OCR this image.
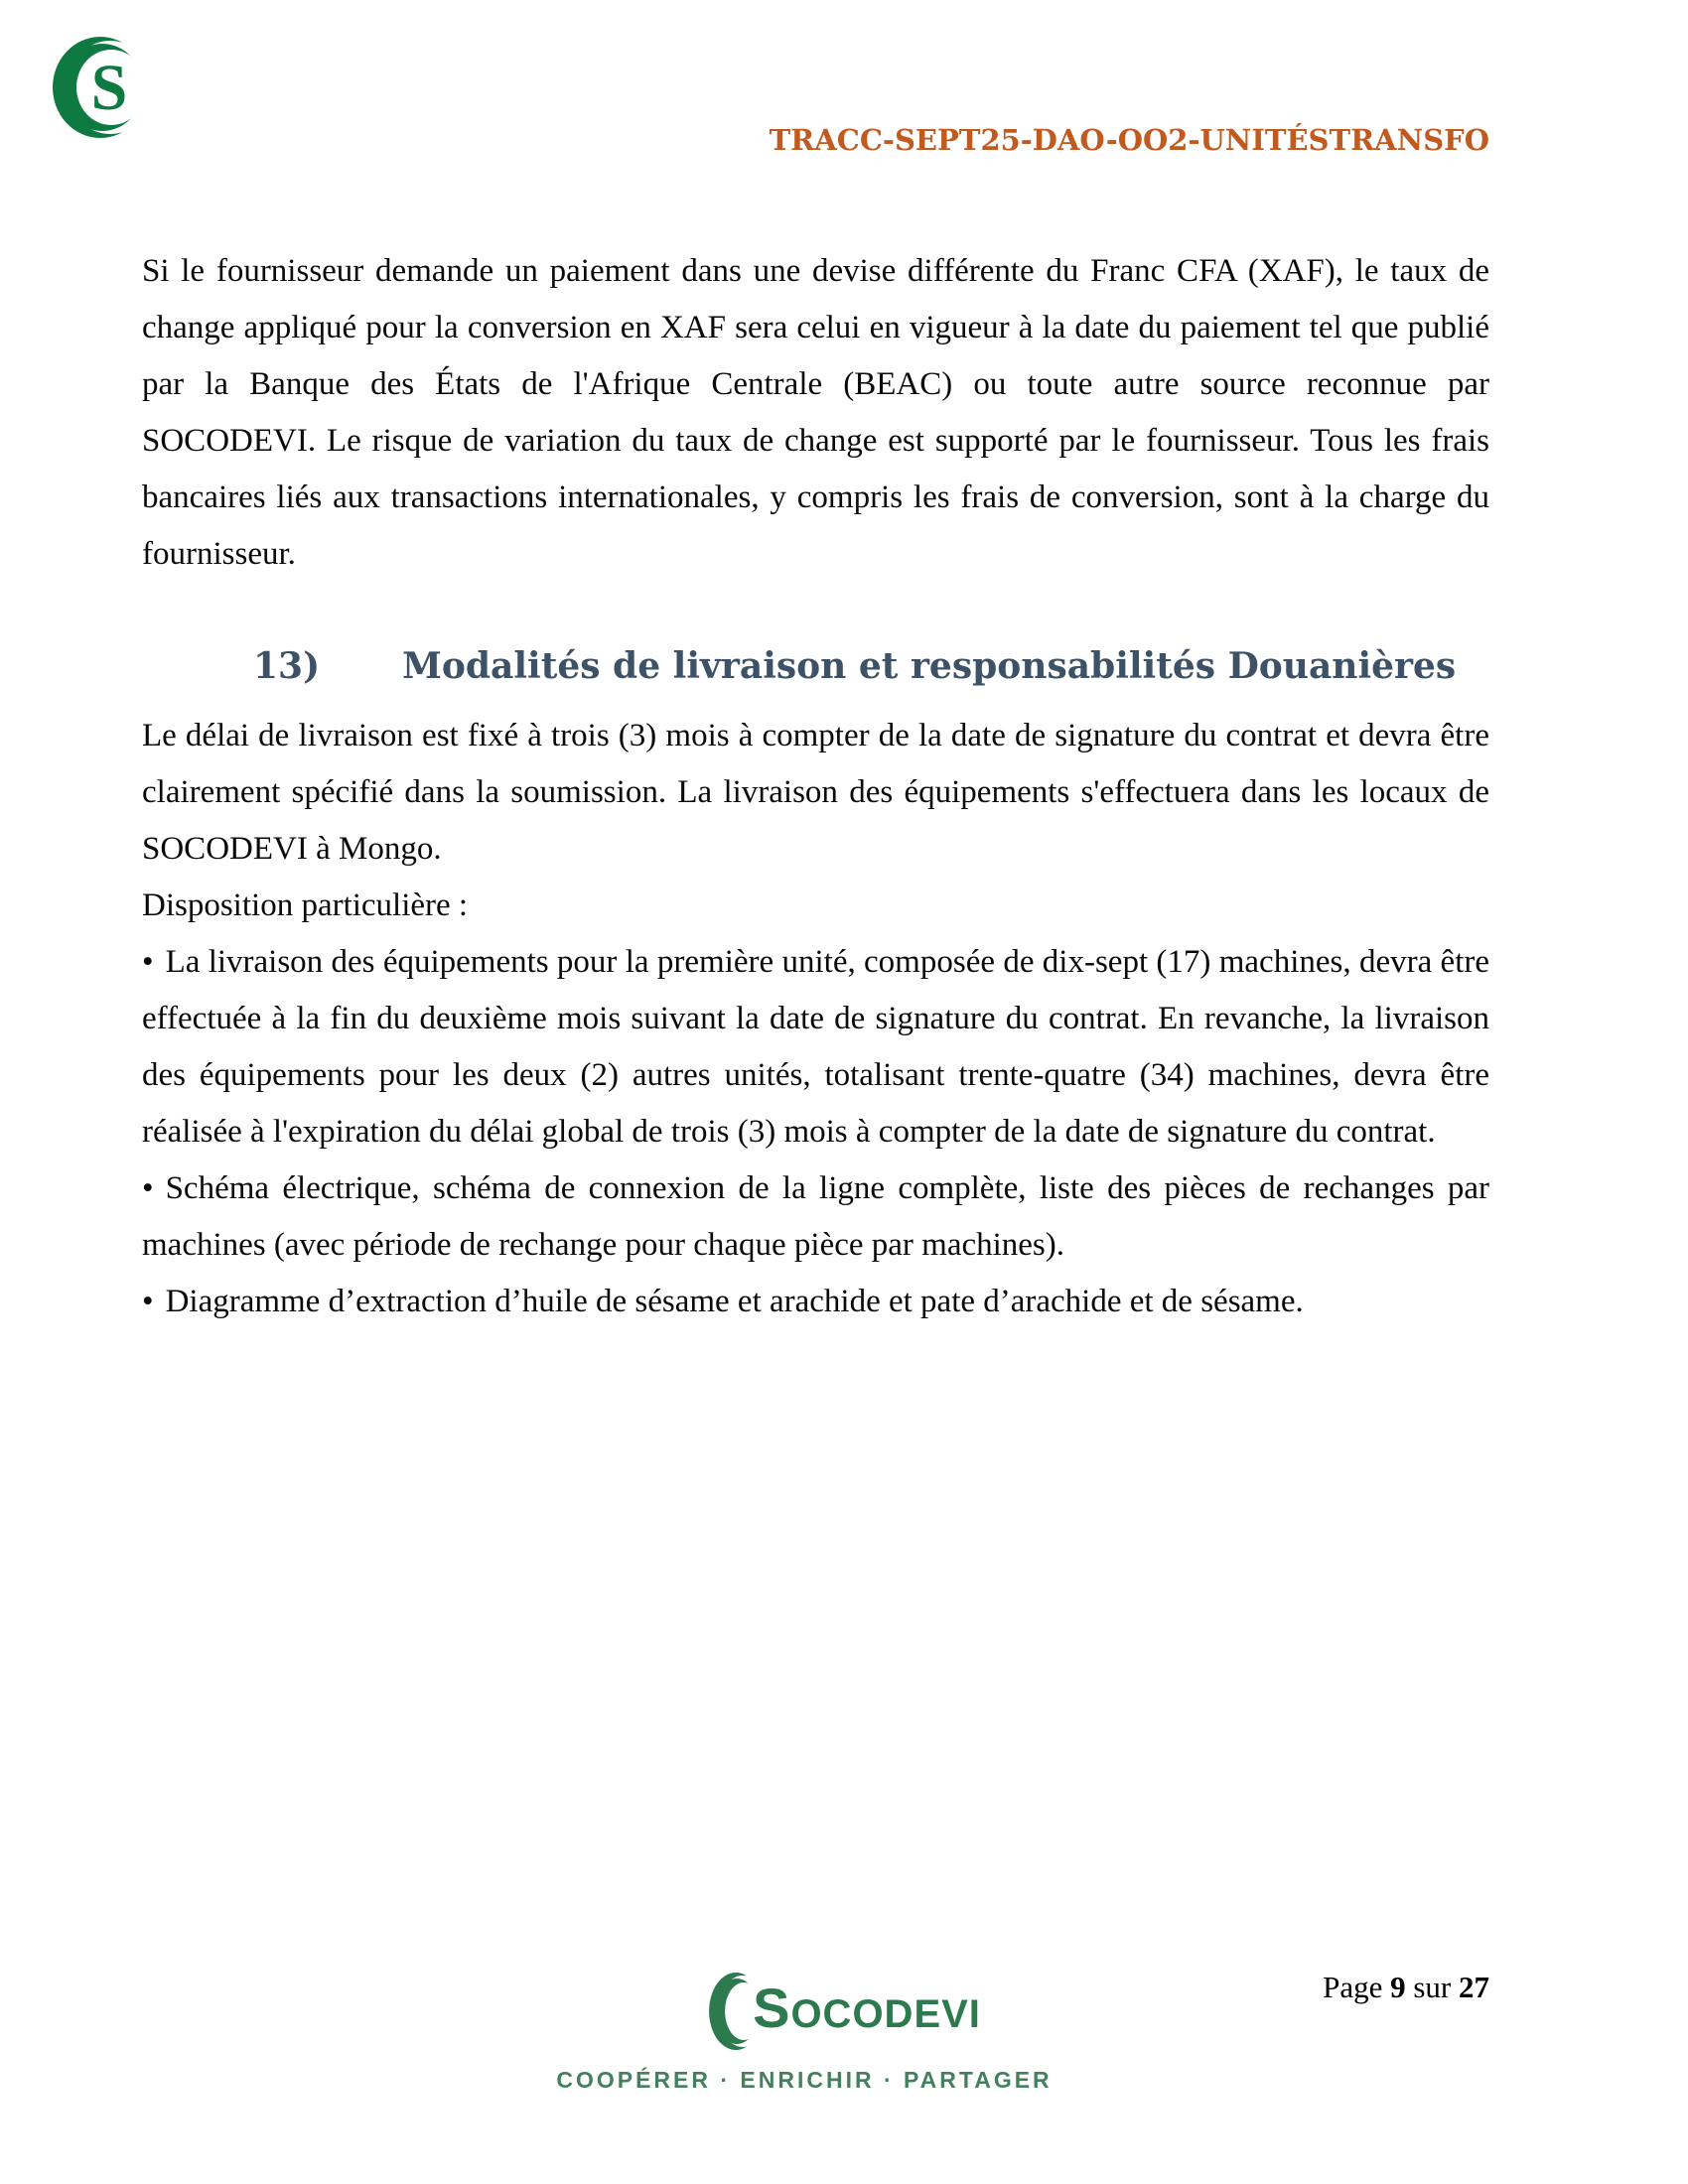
S
TRACC-SEPT25-DAO-OO2-UNITÉSTRANSFO

Si le fournisseur demande un paiement dans une devise différente du Franc CFA (XAF), le taux de change appliqué pour la conversion en XAF sera celui en vigueur à la date du paiement tel que publié par la Banque des États de l'Afrique Centrale (BEAC) ou toute autre source reconnue par SOCODEVI. Le risque de variation du taux de change est supporté par le fournisseur. Tous les frais bancaires liés aux transactions internationales, y compris les frais de conversion, sont à la charge du fournisseur.

13) Modalités de livraison et responsabilités Douanières

Le délai de livraison est fixé à trois (3) mois à compter de la date de signature du contrat et devra être clairement spécifié dans la soumission. La livraison des équipements s'effectuera dans les locaux de SOCODEVI à Mongo.

Disposition particulière :

• La livraison des équipements pour la première unité, composée de dix-sept (17) machines, devra être effectuée à la fin du deuxième mois suivant la date de signature du contrat. En revanche, la livraison des équipements pour les deux (2) autres unités, totalisant trente-quatre (34) machines, devra être réalisée à l'expiration du délai global de trois (3) mois à compter de la date de signature du contrat.

• Schéma électrique, schéma de connexion de la ligne complète, liste des pièces de rechanges par machines (avec période de rechange pour chaque pièce par machines).

• Diagramme d’extraction d’huile de sésame et arachide et pate d’arachide et de sésame.

Page 9 sur 27
SOCODEVI
COOPÉRER · ENRICHIR · PARTAGER
